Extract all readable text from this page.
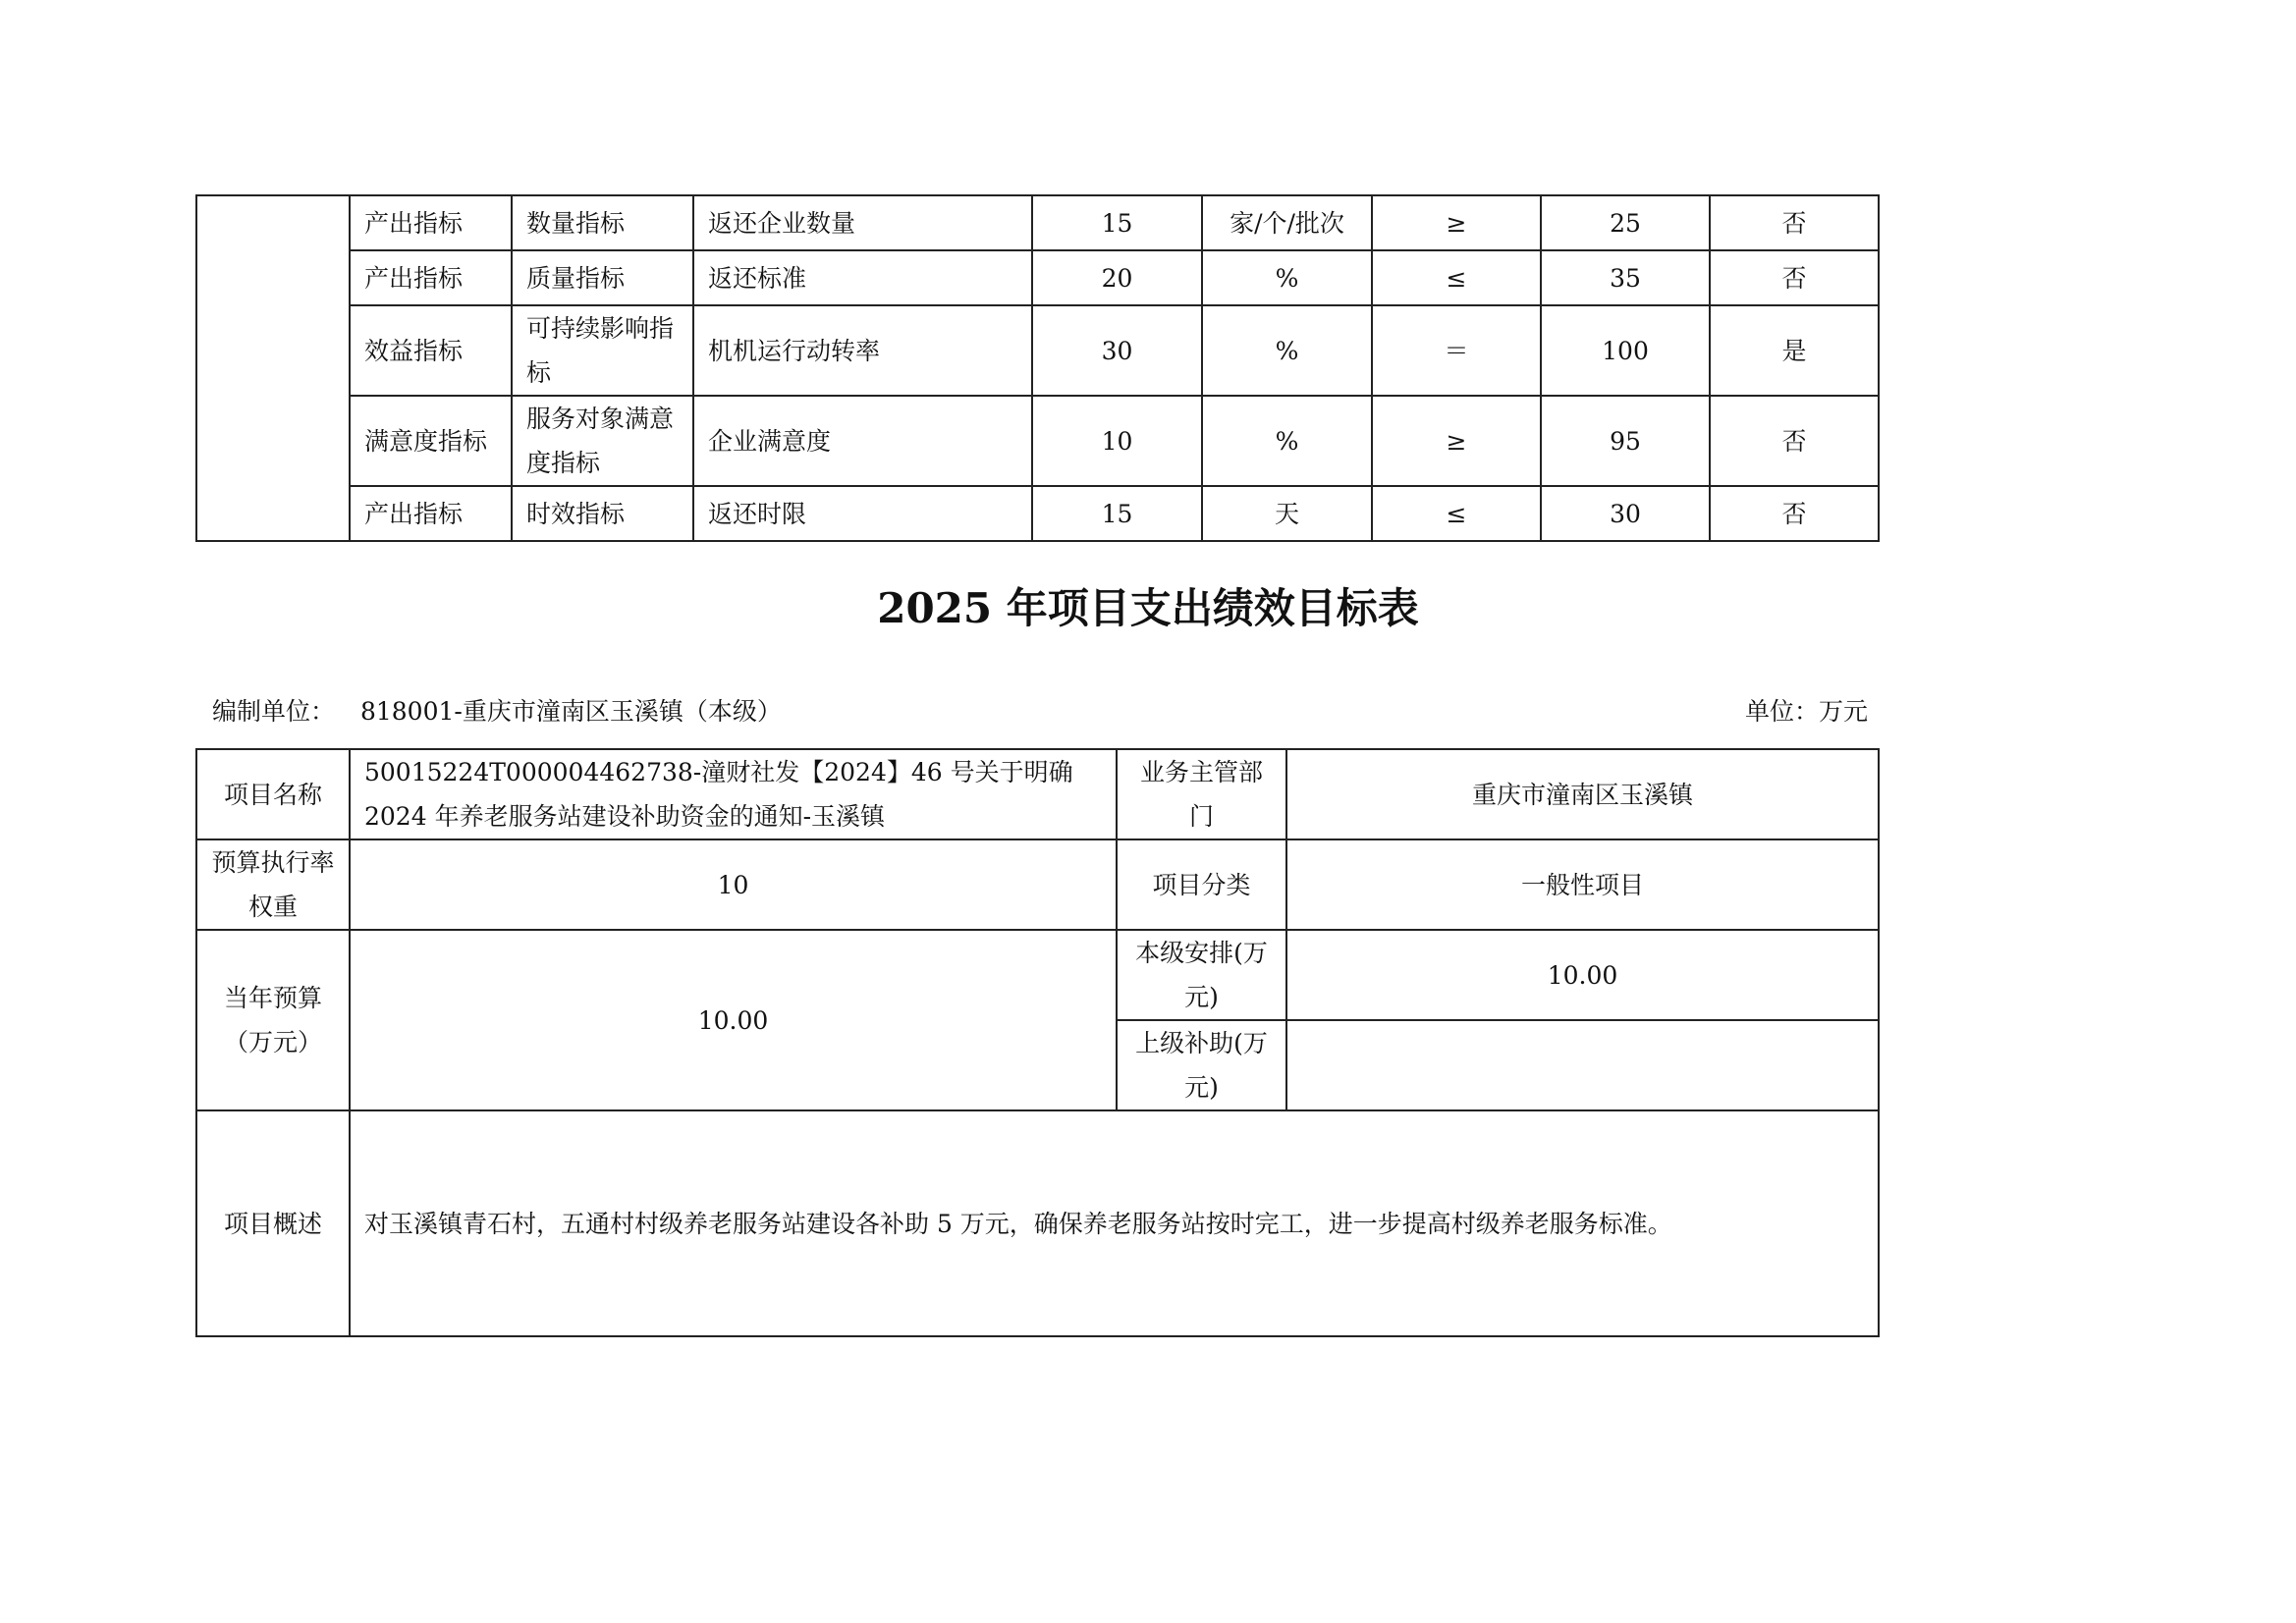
	产出指标	数量指标	返还企业数量	15	家/个/批次	≥	25	否
	产出指标	质量指标	返还标准	20	%	≤	35	否
	效益指标	可持续影响指标	机机运行动转率	30	%	＝	100	是
	满意度指标	服务对象满意度指标	企业满意度	10	%	≥	95	否
	产出指标	时效指标	返还时限	15	天	≤	30	否
2025 年项目支出绩效目标表
编制单位： 818001-重庆市潼南区玉溪镇（本级）	单位：万元
项目名称	50015224T000004462738-潼财社发【2024】46 号关于明确 2024 年养老服务站建设补助资金的通知-玉溪镇	业务主管部门	重庆市潼南区玉溪镇
预算执行率权重	10	项目分类	一般性项目
当年预算（万元）	10.00	本级安排(万元)	10.00
		上级补助(万元)	
项目概述	对玉溪镇青石村，五通村村级养老服务站建设各补助 5 万元，确保养老服务站按时完工，进一步提高村级养老服务标准。		
